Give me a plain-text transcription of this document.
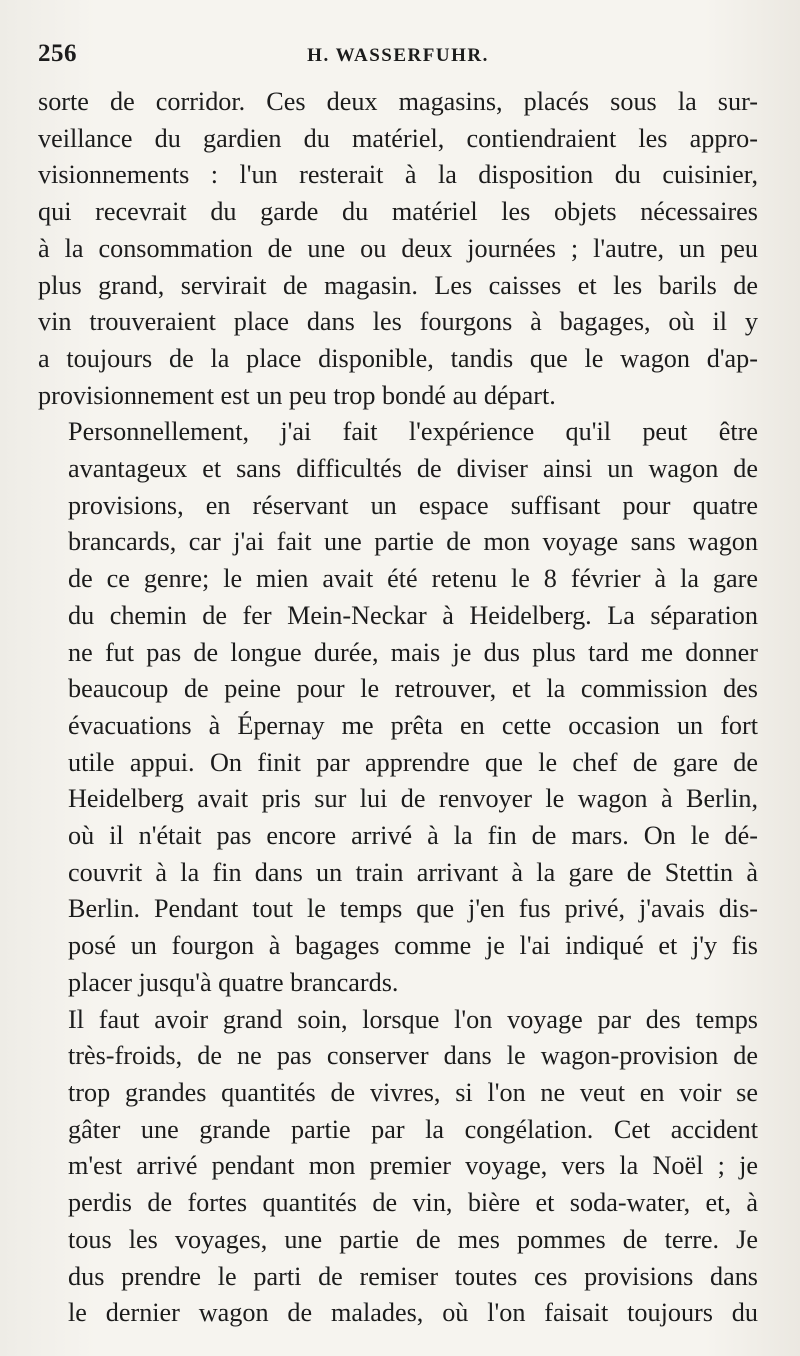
256	H. WASSERFUHR.

sorte de corridor. Ces deux magasins, placés sous la sur-
veillance du gardien du matériel, contiendraient les appro-
visionnements : l'un resterait à la disposition du cuisinier,
qui recevrait du garde du matériel les objets nécessaires
à la consommation de une ou deux journées ; l'autre, un peu
plus grand, servirait de magasin. Les caisses et les barils de
vin trouveraient place dans les fourgons à bagages, où il y
a toujours de la place disponible, tandis que le wagon d'ap-
provisionnement est un peu trop bondé au départ.

Personnellement, j'ai fait l'expérience qu'il peut être
avantageux et sans difficultés de diviser ainsi un wagon de
provisions, en réservant un espace suffisant pour quatre
brancards, car j'ai fait une partie de mon voyage sans wagon
de ce genre; le mien avait été retenu le 8 février à la gare
du chemin de fer Mein-Neckar à Heidelberg. La séparation
ne fut pas de longue durée, mais je dus plus tard me donner
beaucoup de peine pour le retrouver, et la commission des
évacuations à Épernay me prêta en cette occasion un fort
utile appui. On finit par apprendre que le chef de gare de
Heidelberg avait pris sur lui de renvoyer le wagon à Berlin,
où il n'était pas encore arrivé à la fin de mars. On le dé-
couvrit à la fin dans un train arrivant à la gare de Stettin à
Berlin. Pendant tout le temps que j'en fus privé, j'avais dis-
posé un fourgon à bagages comme je l'ai indiqué et j'y fis
placer jusqu'à quatre brancards.

Il faut avoir grand soin, lorsque l'on voyage par des temps
très-froids, de ne pas conserver dans le wagon-provision de
trop grandes quantités de vivres, si l'on ne veut en voir se
gâter une grande partie par la congélation. Cet accident
m'est arrivé pendant mon premier voyage, vers la Noël ; je
perdis de fortes quantités de vin, bière et soda-water, et, à
tous les voyages, une partie de mes pommes de terre. Je
dus prendre le parti de remiser toutes ces provisions dans
le dernier wagon de malades, où l'on faisait toujours du
